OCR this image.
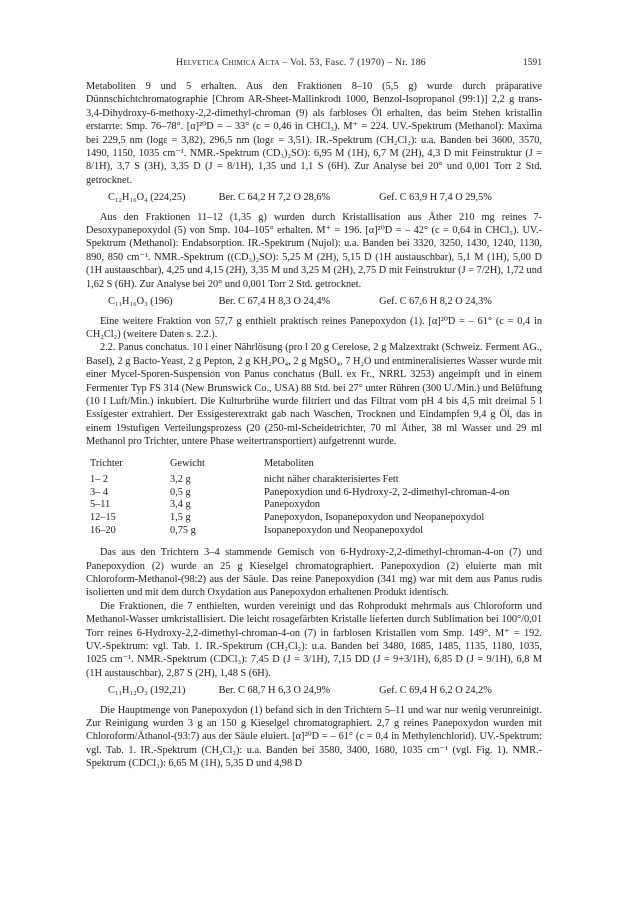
Helvetica Chimica Acta – Vol. 53, Fasc. 7 (1970) – Nr. 186	1591

Metaboliten 9 und 5 erhalten. Aus den Fraktionen 8–10 (5,5 g) wurde durch präparative Dünnschichtchromatographie [Chrom AR-Sheet-Mallinkrodt 1000, Benzol-Isopropanol (99:1)] 2,2 g trans-3,4-Dihydroxy-6-methoxy-2,2-dimethyl-chroman (9) als farbloses Öl erhalten, das beim Stehen kristallin erstarrte: Smp. 76–78°. [α]²⁰D = – 33° (c = 0,46 in CHCl₃). M⁺ = 224. UV.-Spektrum (Methanol): Maxima bei 229,5 nm (logε = 3,82), 296,5 nm (logε = 3,51). IR.-Spektrum (CH₂Cl₂): u.a. Banden bei 3600, 3570, 1490, 1150, 1035 cm⁻¹. NMR.-Spektrum (CD₃)₂SO): 6,95 M (1H), 6,7 M (2H), 4,3 D mit Feinstruktur (J = 8/1H), 3,7 S (3H), 3,35 D (J = 8/1H), 1,35 und 1,1 S (6H). Zur Analyse bei 20° und 0,001 Torr 2 Std. getrocknet.

C₁₂H₁₆O₄ (224,25)	Ber. C 64,2 H 7,2 O 28,6%	Gef. C 63,9 H 7,4 O 29,5%

Aus den Fraktionen 11–12 (1,35 g) wurden durch Kristallisation aus Äther 210 mg reines 7-Desoxypanepoxydol (5) von Smp. 104–105° erhalten. M⁺ = 196. [α]²⁰D = – 42° (c = 0,64 in CHCl₃). UV.-Spektrum (Methanol): Endabsorption. IR.-Spektrum (Nujol): u.a. Banden bei 3320, 3250, 1430, 1240, 1130, 890, 850 cm⁻¹. NMR.-Spektrum ((CD₃)₂SO): 5,25 M (2H), 5,15 D (1H austauschbar), 5,1 M (1H), 5,00 D (1H austauschbar), 4,25 und 4,15 (2H), 3,35 M und 3,25 M (2H), 2,75 D mit Feinstruktur (J = 7/2H), 1,72 und 1,62 S (6H). Zur Analyse bei 20° und 0,001 Torr 2 Std. getrocknet.

C₁₁H₁₆O₃ (196)	Ber. C 67,4 H 8,3 O 24,4%	Gef. C 67,6 H 8,2 O 24,3%

Eine weitere Fraktion von 57,7 g enthielt praktisch reines Panepoxydon (1). [α]²⁰D = – 61° (c = 0,4 in CH₂Cl₂) (weitere Daten s. 2.2.).

2.2. Panus conchatus. 10 l einer Nährlösung (pro l 20 g Cerelose, 2 g Malzextrakt (Schweiz. Ferment AG., Basel), 2 g Bacto-Yeast, 2 g Pepton, 2 g KH₂PO₄, 2 g MgSO₄, 7 H₂O und entmineralisiertes Wasser wurde mit einer Mycel-Sporen-Suspension von Panus conchatus (Bull. ex Fr., NRRL 3253) angeimpft und in einem Fermenter Typ FS 314 (New Brunswick Co., USA) 88 Std. bei 27° unter Rühren (300 U./Min.) und Belüftung (10 l Luft/Min.) inkubiert. Die Kulturbrühe wurde filtriert und das Filtrat vom pH 4 bis 4,5 mit dreimal 5 l Essigester extrahiert. Der Essigesterextrakt gab nach Waschen, Trocknen und Eindampfen 9,4 g Öl, das in einem 19stufigen Verteilungsprozess (20 (250-ml-Scheidetrichter, 70 ml Äther, 38 ml Wasser und 29 ml Methanol pro Trichter, untere Phase weitertransportiert) aufgetrennt wurde.

Trichter	Gewicht	Metaboliten

1– 2	3,2 g	nicht näher charakterisiertes Fett
3– 4	0,5 g	Panepoxydion und 6-Hydroxy-2, 2-dimethyl-chroman-4-on
5–11	3,4 g	Panepoxydon
12–15	1,5 g	Panepoxydon, Isopanepoxydon und Neopanepoxydol
16–20	0,75 g	Isopanepoxydon und Neopanepoxydol

Das aus den Trichtern 3–4 stammende Gemisch von 6-Hydroxy-2,2-dimethyl-chroman-4-on (7) und Panepoxydion (2) wurde an 25 g Kieselgel chromatographiert. Panepoxydion (2) eluierte man mit Chloroform-Methanol-(98:2) aus der Säule. Das reine Panepoxydion (341 mg) war mit dem aus Panus rudis isolierten und mit dem durch Oxydation aus Panepoxydon erhaltenen Produkt identisch.

Die Fraktionen, die 7 enthielten, wurden vereinigt und das Rohprodukt mehrmals aus Chloroform und Methanol-Wasser umkristallisiert. Die leicht rosagefärbten Kristalle lieferten durch Sublimation bei 100°/0,01 Torr reines 6-Hydroxy-2,2-dimethyl-chroman-4-on (7) in farblosen Kristallen vom Smp. 149°. M⁺ = 192. UV.-Spektrum: vgl. Tab. 1. IR.-Spektrum (CH₂Cl₂): u.a. Banden bei 3480, 1685, 1485, 1135, 1180, 1035, 1025 cm⁻¹. NMR.-Spektrum (CDCl₃): 7,45 D (J = 3/1H), 7,15 DD (J = 9+3/1H), 6,85 D (J = 9/1H), 6,8 M (1H austauschbar), 2,87 S (2H), 1,48 S (6H).

C₁₁H₁₂O₃ (192,21)	Ber. C 68,7 H 6,3 O 24,9%	Gef. C 69,4 H 6,2 O 24,2%

Die Hauptmenge von Panepoxydon (1) befand sich in den Trichtern 5–11 und war nur wenig verunreinigt. Zur Reinigung wurden 3 g an 150 g Kieselgel chromatographiert. 2,7 g reines Panepoxydon wurden mit Chloroform/Äthanol-(93:7) aus der Säule eluiert. [α]²⁰D = – 61° (c = 0,4 in Methylenchlorid). UV.-Spektrum: vgl. Tab. 1. IR.-Spektrum (CH₂Cl₂): u.a. Banden bei 3580, 3400, 1680, 1035 cm⁻¹ (vgl. Fig. 1). NMR.-Spektrum (CDCl₃): 6,65 M (1H), 5,35 D und 4,98 D
